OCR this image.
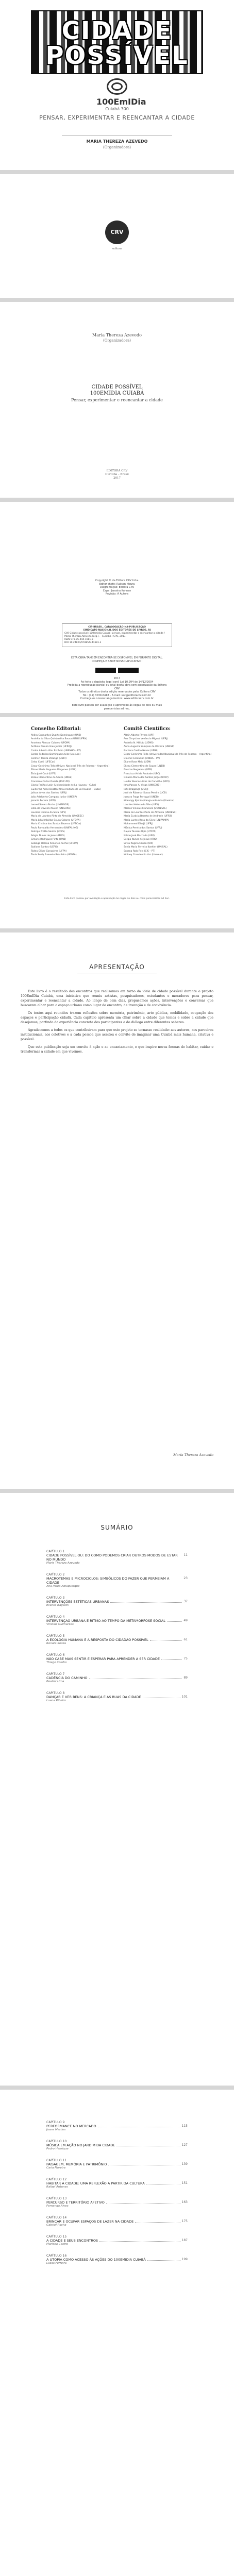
CIDADE POSSÍVEL
100EmIDia
Cuiabá 300
PENSAR, EXPERIMENTAR E REENCANTAR A CIDADE
MARIA THEREZA AZEVEDO
(Organizadora)
CRV
editora
Maria Thereza Azevedo
(Organizadora)
CIDADE POSSÍVEL
100EMIDIA CUIABÁ
Pensar, experimentar e reencantar a cidade
EDITORA CRV
Curitiba – Brasil
2017
Copyright © da Editora CRV Ltda.
Editor-chefe: Railson Moura
Diagramação: Editora CRV
Capa: Janaína Kuhnen
Revisão: A Autora
CIP-BRASIL. CATALOGAÇÃO-NA-PUBLICAÇÃO
SINDICATO NACIONAL DOS EDITORES DE LIVROS, RJ
C49 Cidade possível: 100emidia Cuiabá: pensar, experimentar e reencantar a cidade / Maria Thereza Azevedo (org.). – Curitiba : CRV, 2017.
ISBN 978-85-444-1681-3
DOI 10.24824/978854441681.3
ESTA OBRA TAMBÉM ENCONTRA-SE DISPONÍVEL EM FORMATO DIGITAL.
CONHEÇA E BAIXE NOSSO APLICATIVO!
2017
Foi feito o depósito legal conf. Lei 10.994 de 14/12/2004
Proibida a reprodução parcial ou total desta obra sem autorização da Editora CRV
Todos os direitos desta edição reservados pela: Editora CRV
Tel.: (41) 3039-6418 - E-mail: sac@editoracrv.com.br
Conheça os nossos lançamentos: www.editoracrv.com.br
Este livro passou por avaliação e aprovação às cegas de dois ou mais pareceristas ad hoc.
Conselho Editorial:
Aldira Guimarães Duarte Domínguez (UNB)
Andréia da Silva Quintanilha Sousa (UNIR/UFRN)
Anselmo Alencar Colares (UFOPA)
Antônio Pereira Gaio Júnior (UFRRJ)
Carlos Alberto Vilar Estêvão (UMINHO – PT)
Carlos Federico Dominguez Avila (Unieuro)
Carmen Tereza Velanga (UNIR)
Celso Conti (UFSCar)
Cesar Gerónimo Tello (Univer. Nacional Três de Febrero – Argentina)
Elione Maria Nogueira Diogenes (UFAL)
Élsio José Corá (UFFS)
Elizeu Clementino de Souza (UNEB)
Francisco Carlos Duarte (PUC-PR)
Gloria Fariñas León (Universidade de La Havana – Cuba)
Guillermo Arias Beatón (Universidade de La Havana – Cuba)
Jailson Alves dos Santos (UFRJ)
João Adalberto Campato Junior (UNESP)
Josania Portela (UFPI)
Leonel Severo Rocha (UNISINOS)
Lídia de Oliveira Xavier (UNIEURO)
Lourdes Helena da Silva (UFV)
Maria de Lourdes Pinto de Almeida (UNOESC)
Maria Lília Imbiriba Sousa Colares (UFOPA)
Maria Cristina dos Santos Bezerra (UFSCar)
Paulo Romualdo Hernandes (UNIFAL-MG)
Rodrigo Pratte-Santos (UFES)
Sérgio Nunes de Jesus (IFRO)
Simone Rodrigues Pinto (UNB)
Solange Helena Ximenes-Rocha (UFOPA)
Sydione Santos (UEPG)
Tadeu Oliver Gonçalves (UFPA)
Tania Suely Azevedo Brasileiro (UFOPA)
Comitê Científico:
Altair Alberto Fávero (UPF)
Ana Chrystina Venâncio Mignot (UERJ)
Andréia N. Militão (UEMS)
Anna Augusta Sampaio de Oliveira (UNESP)
Barbara Coelho Neves (UFBA)
Cesar Gerónimo Tello (Universidad Nacional de Três de Febrero – Argentina)
Diosnel Centurion (UNIDA – PY)
Eliane Rose Maio (UEM)
Elizeu Clementino de Souza (UNEB)
Fauston Negreiros (UFPI)
Francisco Ari de Andrade (UFC)
Gláucia Maria dos Santos Jorge (UFOP)
Helder Buenos Aires de Carvalho (UFPI)
Ilma Passos A. Veiga (UNICEUB)
Inês Bragança (UERJ)
José de Ribamar Sousa Pereira (UCB)
Jussara Fraga Portugal (UNEB)
Kilwangy Kya Kapitango-a-Samba (Unemat)
Lourdes Helena da Silva (UFV)
Marcos Vinicius Francisco (UNOESTE)
Maria de Lourdes Pinto de Almeida (UNOESC)
Maria Eurácia Barreto de Andrade (UFRB)
Maria Lurdes Rosa da Silva (UNIPAMPA)
Mohammed Elhajji (UFRJ)
Mônica Pereira dos Santos (UFRJ)
Najela Tavares Ujiie (UTFPR)
Nilson José Machado (USP)
Sérgio Nunes de Jesus (IFRO)
Silvia Regina Canan (URI)
Sonia Maria Ferreira Koehler (UNISAL)
Susana Rolo Reis (CIS – PT)
Wolney Cresciencio Vaz (Unemat)
Este livro passou por avaliação e aprovação às cegas de dois ou mais pareceristas ad hoc.
APRESENTAÇÃO

Este livro é o resultado dos encontros que realizamos em torno da ideia de cidade possível durante o projeto 100EmIDia Cuiabá, uma iniciativa que reuniu artistas, pesquisadores, estudantes e moradores para pensar, experimentar e reencantar a cidade. Ao longo de cem dias, propusemos ações, intervenções e conversas que buscaram olhar para o espaço urbano como lugar de encontro, de invenção e de convivência.

Os textos aqui reunidos trazem reflexões sobre memória, patrimônio, arte pública, mobilidade, ocupação dos espaços e participação cidadã. Cada capítulo apresenta um olhar sobre a cidade que temos e sobre a cidade que desejamos, partindo da experiência concreta dos participantes e do diálogo entre diferentes saberes.

Agradecemos a todos os que contribuíram para que este projeto se tornasse realidade: aos autores, aos parceiros institucionais, aos coletivos e a cada pessoa que aceitou o convite de imaginar uma Cuiabá mais humana, criativa e possível.

Que esta publicação seja um convite à ação e ao encantamento, e que inspire novas formas de habitar, cuidar e transformar a cidade em que vivemos.

Maria Thereza Azevedo
SUMÁRIO
CAPÍTULO 1
CIDADE POSSÍVEL OU: DO COMO PODEMOS CRIAR OUTROS MODOS DE ESTAR NO MUNDO
11
Maria Thereza Azevedo
CAPÍTULO 2
MACROTEMAS E MICROCICLOS: SIMBÓLICOS DO FAZER QUE PERMEIAM A CIDADE
23
Ana Paula Albuquerque
CAPÍTULO 3
INTERVENÇÕES ESTÉTICAS URBANAS	37
Evelise Bagatini
CAPÍTULO 4
INTERVENÇÃO URBANA E RITMO AO TEMPO DA METAMORFOSE SOCIAL	49
Vinicius Guimarães
CAPÍTULO 5
A ECOLOGIA HUMANA E A RESPOSTA DO CIDADÃO POSSÍVEL	61
Renata Souza
CAPÍTULO 6
NÃO CABE MAIS SENTIR E ESPERAR PARA APRENDER A SER CIDADE	75
Thiago Coelho
CAPÍTULO 7
CADÊNCIA DO CAMINHO	89
Beatriz Lima
CAPÍTULO 8
DANÇAR E VER BENS: A CRIANÇA E AS RUAS DA CIDADE	101
Luana Ribeiro
CAPÍTULO 9
PERFORMANCE NO MERCADO	115
Joana Martins
CAPÍTULO 10
MÚSICA EM AÇÃO NO JARDIM DA CIDADE	127
Pedro Henrique
CAPÍTULO 11
PAISAGEM, MEMÓRIA E PATRIMÔNIO	139
Carla Moreira
CAPÍTULO 12
HABITAR A CIDADE: UMA REFLEXÃO A PARTIR DA CULTURA	151
Rafael Antunes
CAPÍTULO 13
PERCURSO E TERRITÓRIO AFETIVO	163
Fernanda Alves
CAPÍTULO 14
BRINCAR E OCUPAR ESPAÇOS DE LAZER NA CIDADE	175
Gabriel Rocha
CAPÍTULO 15
A CIDADE E SEUS ENCONTROS	187
Mariana Castro
CAPÍTULO 16
A UTOPIA COMO ACESSO ÀS AÇÕES DO 100EMIDIA CUIABÁ	199
Lucas Ferreira
